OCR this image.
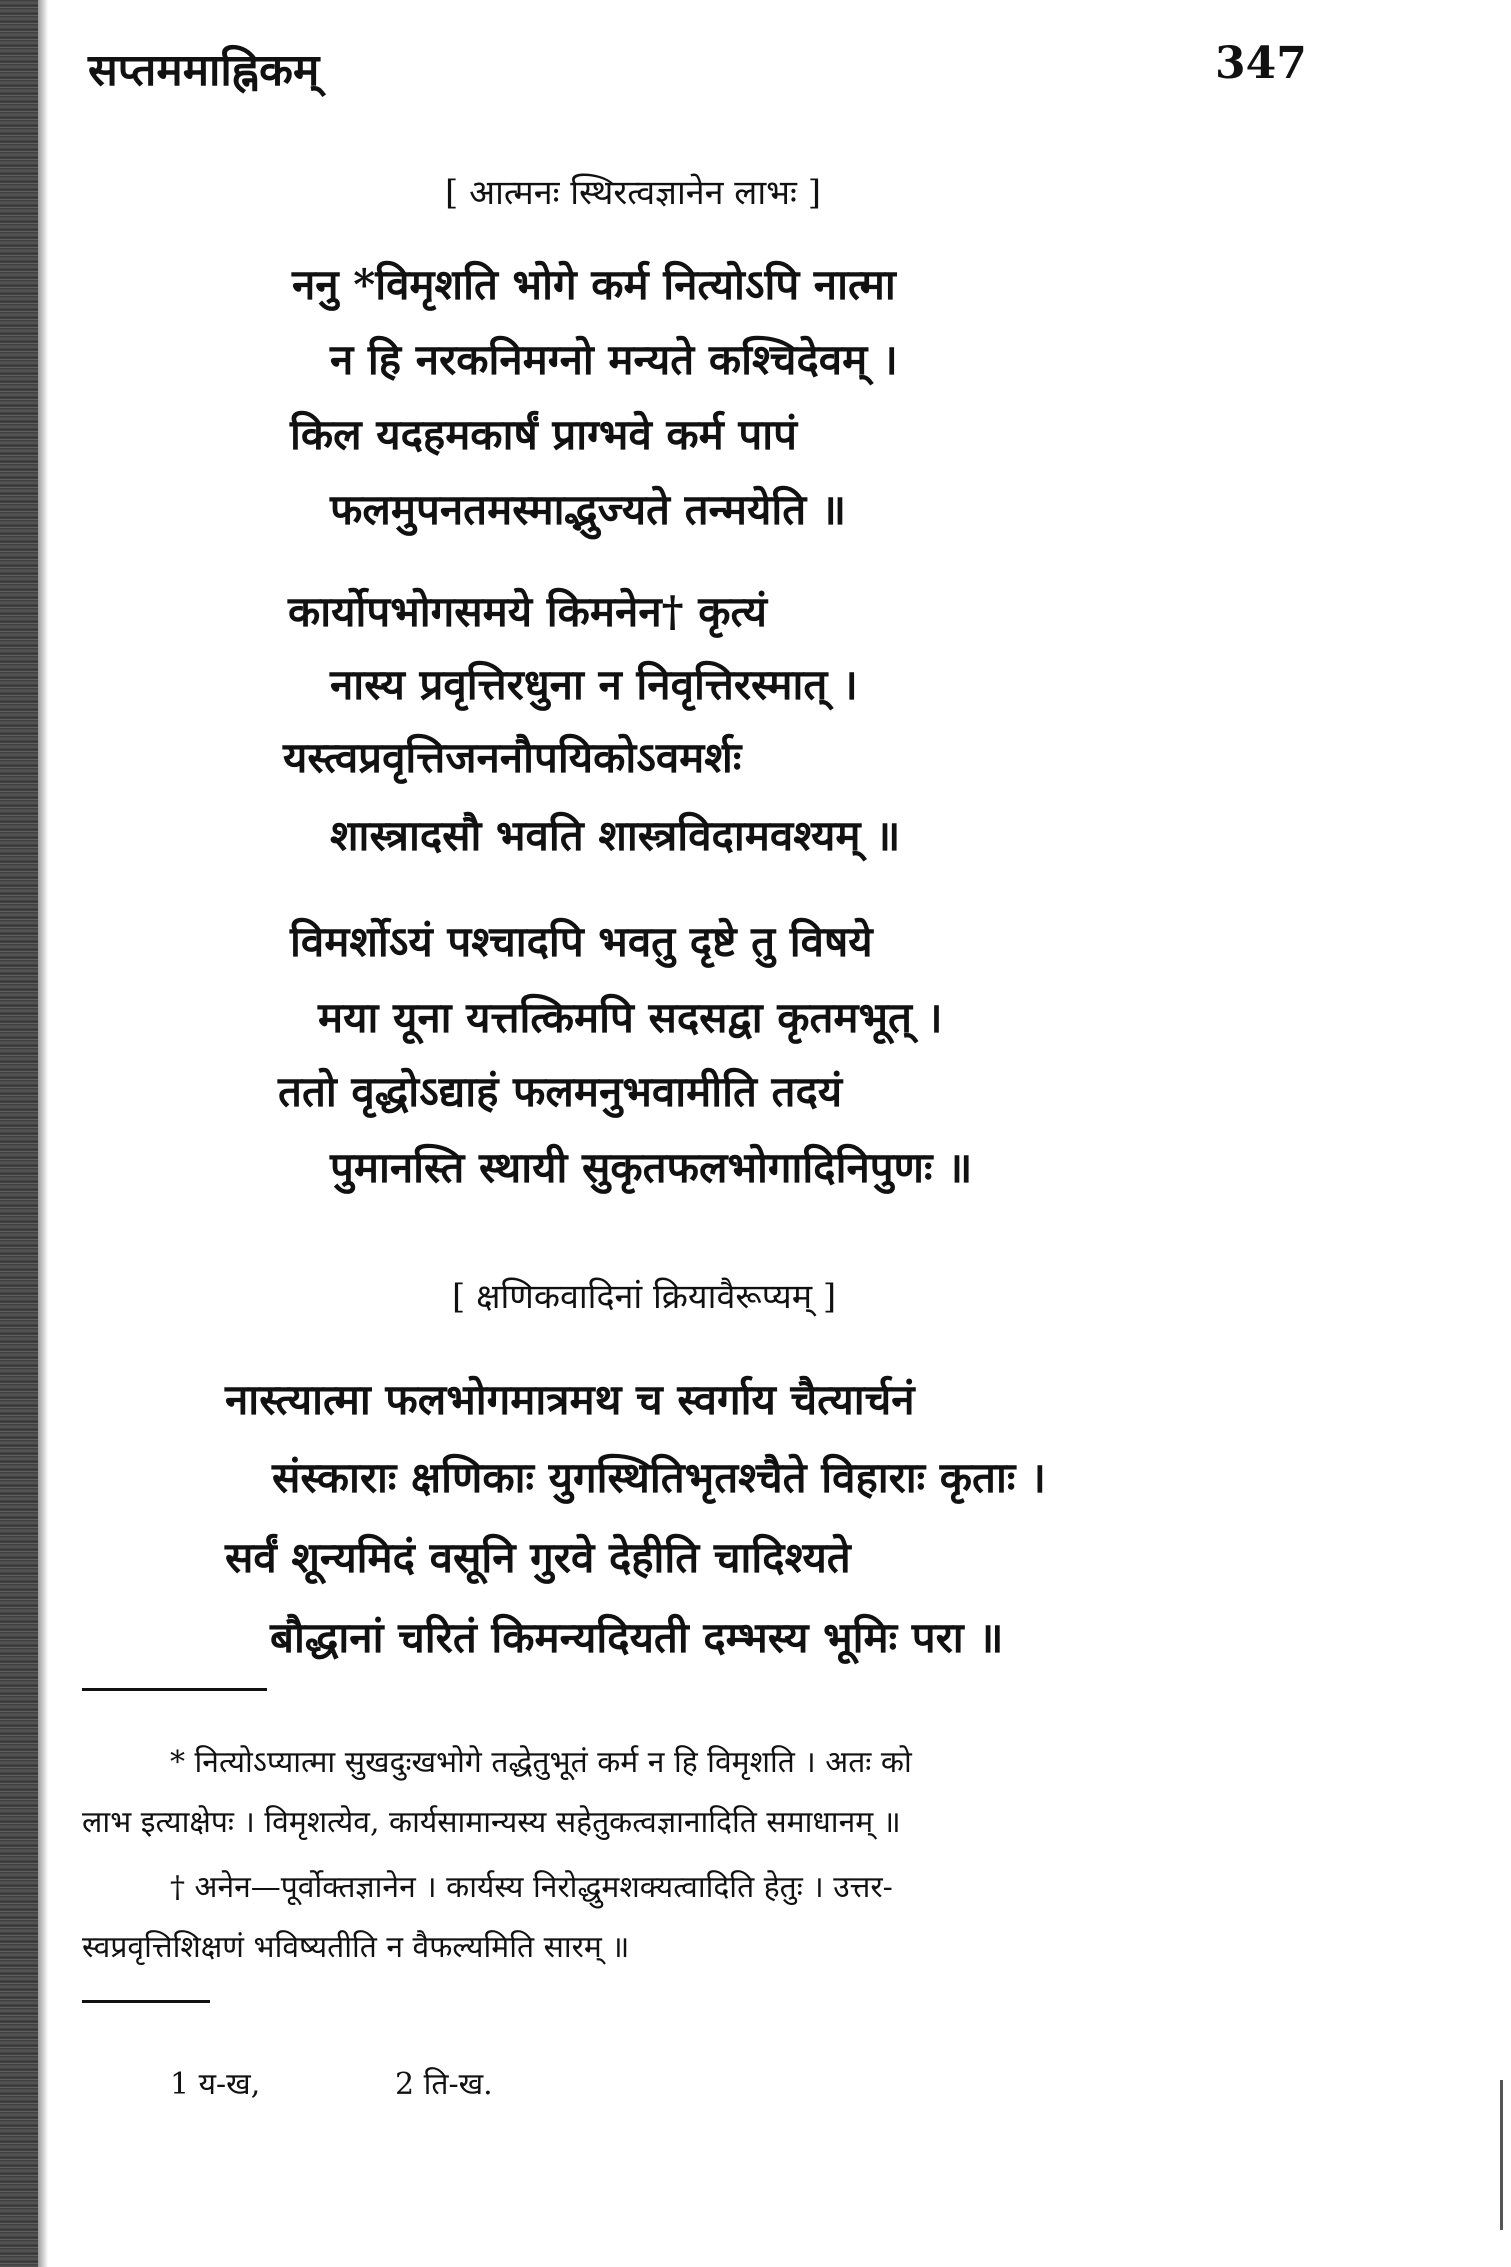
सप्तममाह्निकम्	347
[ आत्मनः स्थिरत्वज्ञानेन लाभः ]
ननु *विमृशति भोगे कर्म नित्योऽपि नात्मा
न हि नरकनिमग्नो मन्यते कश्चिदेवम् ।
किल यदहमकार्षं प्राग्भवे कर्म पापं
फलमुपनतमस्माद्भुज्यते तन्मयेति ॥
कार्योपभोगसमये किमनेन† कृत्यं
नास्य प्रवृत्तिरधुना न निवृत्तिरस्मात् ।
यस्त्वप्रवृत्तिजननौपयिकोऽवमर्शः
शास्त्रादसौ भवति शास्त्रविदामवश्यम् ॥
विमर्शोऽयं पश्चादपि भवतु दृष्टे तु विषये
मया यूना यत्तत्किमपि सदसद्वा कृतमभूत् ।
ततो वृद्धोऽद्याहं फलमनुभवामीति तदयं
पुमानस्ति स्थायी सुकृतफलभोगादिनिपुणः ॥
[ क्षणिकवादिनां क्रियावैरूप्यम् ]
नास्त्यात्मा फलभोगमात्रमथ च स्वर्गाय चैत्यार्चनं
संस्काराः क्षणिकाः युगस्थितिभृतश्चैते विहाराः कृताः ।
सर्वं शून्यमिदं वसूनि गुरवे देहीति चादिश्यते
बौद्धानां चरितं किमन्यदियती दम्भस्य भूमिः परा ॥
* नित्योऽप्यात्मा सुखदुःखभोगे तद्धेतुभूतं कर्म न हि विमृशति । अतः को
लाभ इत्याक्षेपः । विमृशत्येव, कार्यसामान्यस्य सहेतुकत्वज्ञानादिति समाधानम् ॥
† अनेन—पूर्वोक्तज्ञानेन । कार्यस्य निरोद्धुमशक्यत्वादिति हेतुः । उत्तर-
स्वप्रवृत्तिशिक्षणं भविष्यतीति न वैफल्यमिति सारम् ॥
1 य-ख,	2 ति-ख.
